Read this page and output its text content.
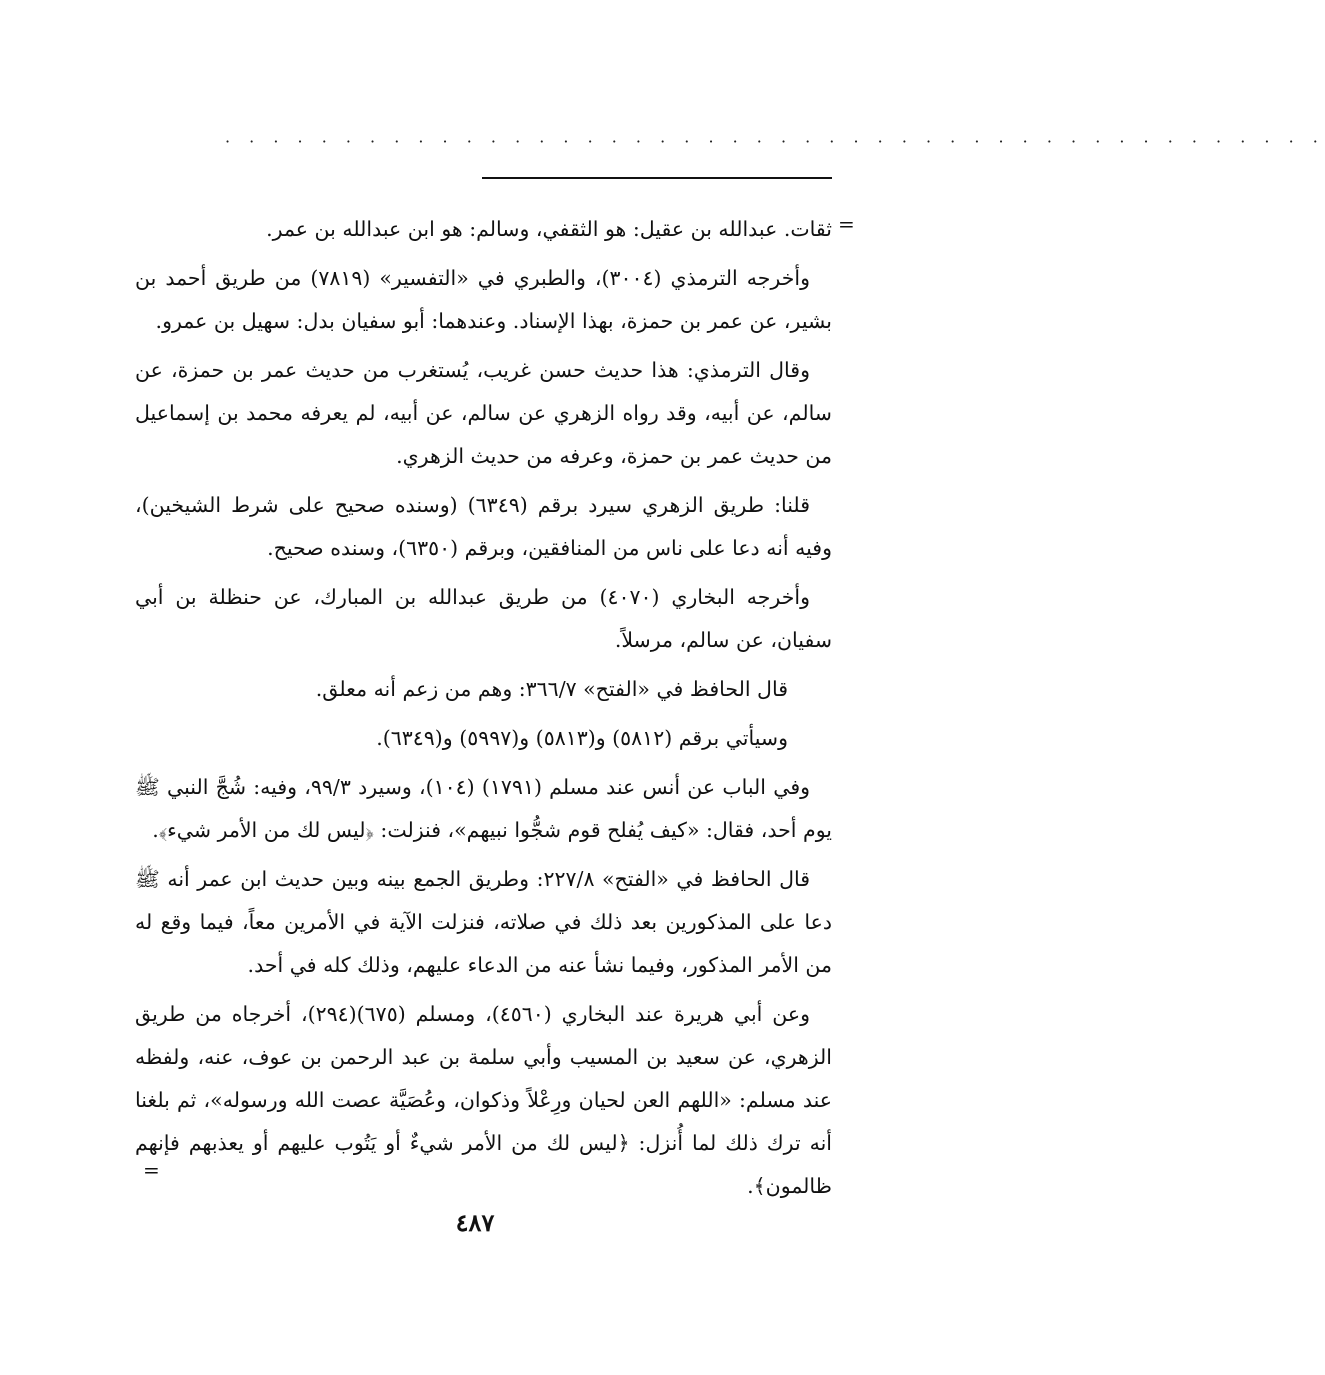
· · · · · · · · · · · · · · · · · · · · · · · · · · · · · · · · · · · · · · · · · · · · · ·
=

ثقات. عبدالله بن عقيل: هو الثقفي، وسالم: هو ابن عبدالله بن عمر.

وأخرجه الترمذي (٣٠٠٤)، والطبري في «التفسير» (٧٨١٩) من طريق أحمد بن بشير، عن عمر بن حمزة، بهذا الإسناد. وعندهما: أبو سفيان بدل: سهيل بن عمرو.

وقال الترمذي: هذا حديث حسن غريب، يُستغرب من حديث عمر بن حمزة، عن سالم، عن أبيه، وقد رواه الزهري عن سالم، عن أبيه، لم يعرفه محمد بن إسماعيل من حديث عمر بن حمزة، وعرفه من حديث الزهري.

قلنا: طريق الزهري سيرد برقم (٦٣٤٩) (وسنده صحيح على شرط الشيخين)، وفيه أنه دعا على ناس من المنافقين، وبرقم (٦٣٥٠)، وسنده صحيح.

وأخرجه البخاري (٤٠٧٠) من طريق عبدالله بن المبارك، عن حنظلة بن أبي سفيان، عن سالم، مرسلاً.

قال الحافظ في «الفتح» ٣٦٦/٧: وهم من زعم أنه معلق.

وسيأتي برقم (٥٨١٢) و(٥٨١٣) و(٥٩٩٧) و(٦٣٤٩).

وفي الباب عن أنس عند مسلم (١٧٩١) (١٠٤)، وسيرد ٩٩/٣، وفيه: شُجَّ النبي ﷺ يوم أحد، فقال: «كيف يُفلح قوم شجُّوا نبيهم»، فنزلت: ﴿ليس لك من الأمر شيء﴾.

قال الحافظ في «الفتح» ٢٢٧/٨: وطريق الجمع بينه وبين حديث ابن عمر أنه ﷺ دعا على المذكورين بعد ذلك في صلاته، فنزلت الآية في الأمرين معاً، فيما وقع له من الأمر المذكور، وفيما نشأ عنه من الدعاء عليهم، وذلك كله في أحد.

وعن أبي هريرة عند البخاري (٤٥٦٠)، ومسلم (٦٧٥)(٢٩٤)، أخرجاه من طريق الزهري، عن سعيد بن المسيب وأبي سلمة بن عبد الرحمن بن عوف، عنه، ولفظه عند مسلم: «اللهم العن لحيان ورِعْلاً وذكوان، وعُصَيَّة عصت الله ورسوله»، ثم بلغنا أنه ترك ذلك لما أُنزل: ﴿ليس لك من الأمر شيءٌ أو يَتُوب عليهم أو يعذبهم فإنهم ظالمون﴾.

=
٤٨٧
